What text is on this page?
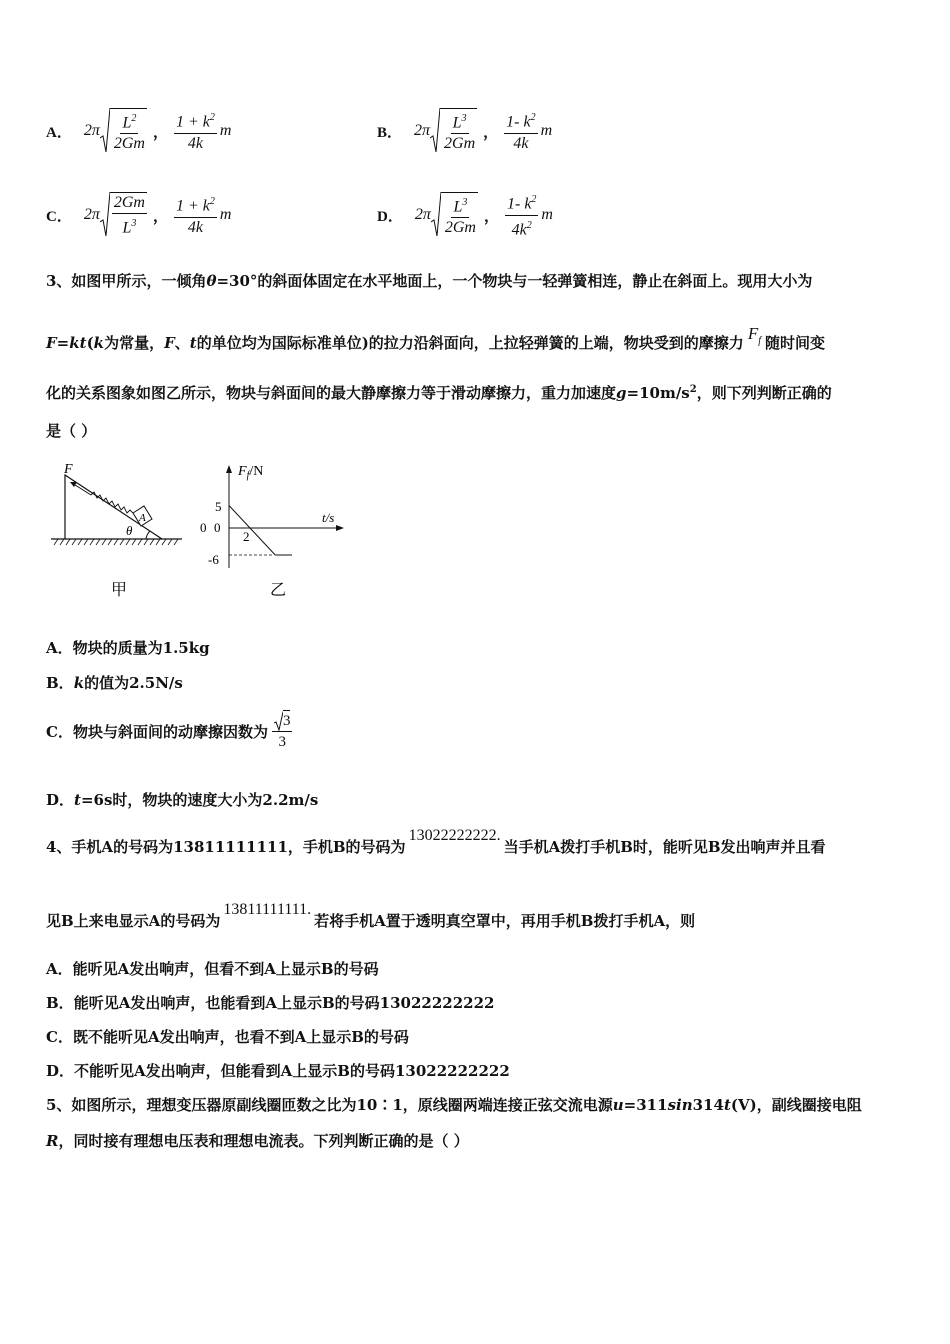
A． $2\pi \frac{L^2}{2Gm}$ ， $\frac{1 + k^2}{4k}$ m	B． $2\pi \frac{L^3}{2Gm}$ ， $\frac{1- k^2}{4k}$ m
C． $2\pi \frac{2Gm}{L^3}$ ， $\frac{1 + k^2}{4k}$ m	D． $2\pi \frac{L^3}{2Gm}$ ， $\frac{1- k^2}{4k^2}$ m
3、如图甲所示，一倾角θ=30°的斜面体固定在水平地面上，一个物块与一轻弹簧相连，静止在斜面上。现用大小为
F=kt(k为常量，F、t的单位均为国际标准单位)的拉力沿斜面向，上拉轻弹簧的上端，物块受到的摩擦力 $F_f$ 随时间变
化的关系图象如图乙所示，物块与斜面间的最大静摩擦力等于滑动摩擦力，重力加速度$g=10m/s^2$，则下列判断正确的
是（ ）
F
A
θ
甲
$F_f/N$
t/s
5
0
-6
2
0
乙
A．物块的质量为1.5kg
B．k的值为2.5N/s
C． 物块与斜面间的动摩擦因数为 $\frac{3}{3}$
D．t=6s时，物块的速度大小为2.2m/s
4、手机A的号码为13811111111，手机B的号码为13022222222.当手机A拨打手机B时，能听见B发出响声并且看
见B上来电显示A的号码为13811111111.若将手机A置于透明真空罩中，再用手机B拨打手机A，则
A．能听见A发出响声，但看不到A上显示B的号码
B．能听见A发出响声，也能看到A上显示B的号码13022222222
C．既不能听见A发出响声，也看不到A上显示B的号码
D．不能听见A发出响声，但能看到A上显示B的号码13022222222
5、如图所示，理想变压器原副线圈匝数之比为10∶1，原线圈两端连接正弦交流电源u=311sin314t(V)，副线圈接电阻
R，同时接有理想电压表和理想电流表。下列判断正确的是（ ）
